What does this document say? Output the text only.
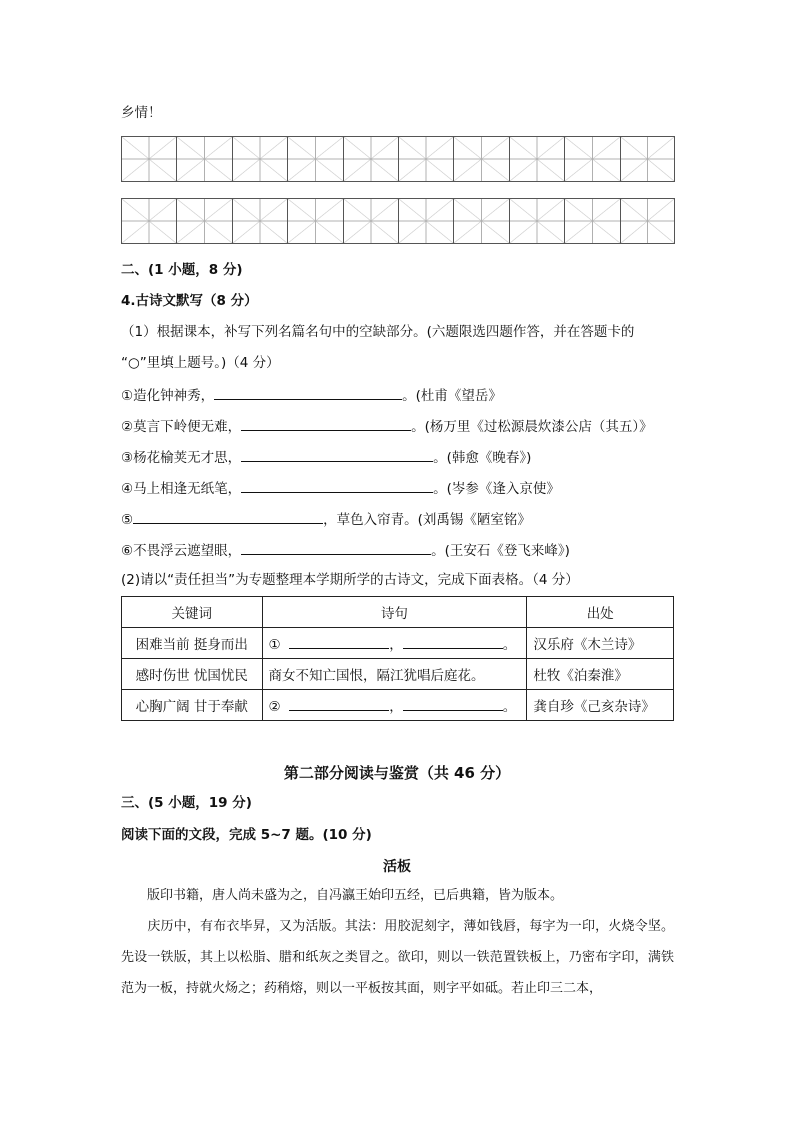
乡情！
二、(1 小题，8 分)
4.古诗文默写（8 分）
（1）根据课本，补写下列名篇名句中的空缺部分。(六题限选四题作答，并在答题卡的
“○”里填上题号。)（4 分）
①造化钟神秀，	。(杜甫《望岳》
②莫言下岭便无难，	。(杨万里《过松源晨炊漆公店（其五）》
③杨花榆荚无才思，	。(韩愈《晚春》)
④马上相逢无纸笔，	。(岑参《逢入京使》
⑤	，草色入帘青。(刘禹锡《陋室铭》
⑥不畏浮云遮望眼，	。(王安石《登飞来峰》)
(2)请以“责任担当”为专题整理本学期所学的古诗文，完成下面表格。（4 分）
关键词	诗句	出处
困难当前 挺身而出	① ， 。	汉乐府《木兰诗》
感时伤世 忧国忧民	商女不知亡国恨，隔江犹唱后庭花。	杜牧《泊秦淮》
心胸广阔 甘于奉献	② ， 。	龚自珍《己亥杂诗》
第二部分阅读与鉴赏（共 46 分）
三、(5 小题，19 分)
阅读下面的文段，完成 5~7 题。(10 分)
活板
　　版印书籍，唐人尚未盛为之，自冯瀛王始印五经，已后典籍，皆为版本。
　　庆历中，有布衣毕昇，又为活版。其法：用胶泥刻字，薄如钱唇，每字为一印，火烧令坚。先设一铁版，其上以松脂、腊和纸灰之类冒之。欲印，则以一铁范置铁板上，乃密布字印，满铁范为一板，持就火炀之；药稍熔，则以一平板按其面，则字平如砥。若止印三二本，
